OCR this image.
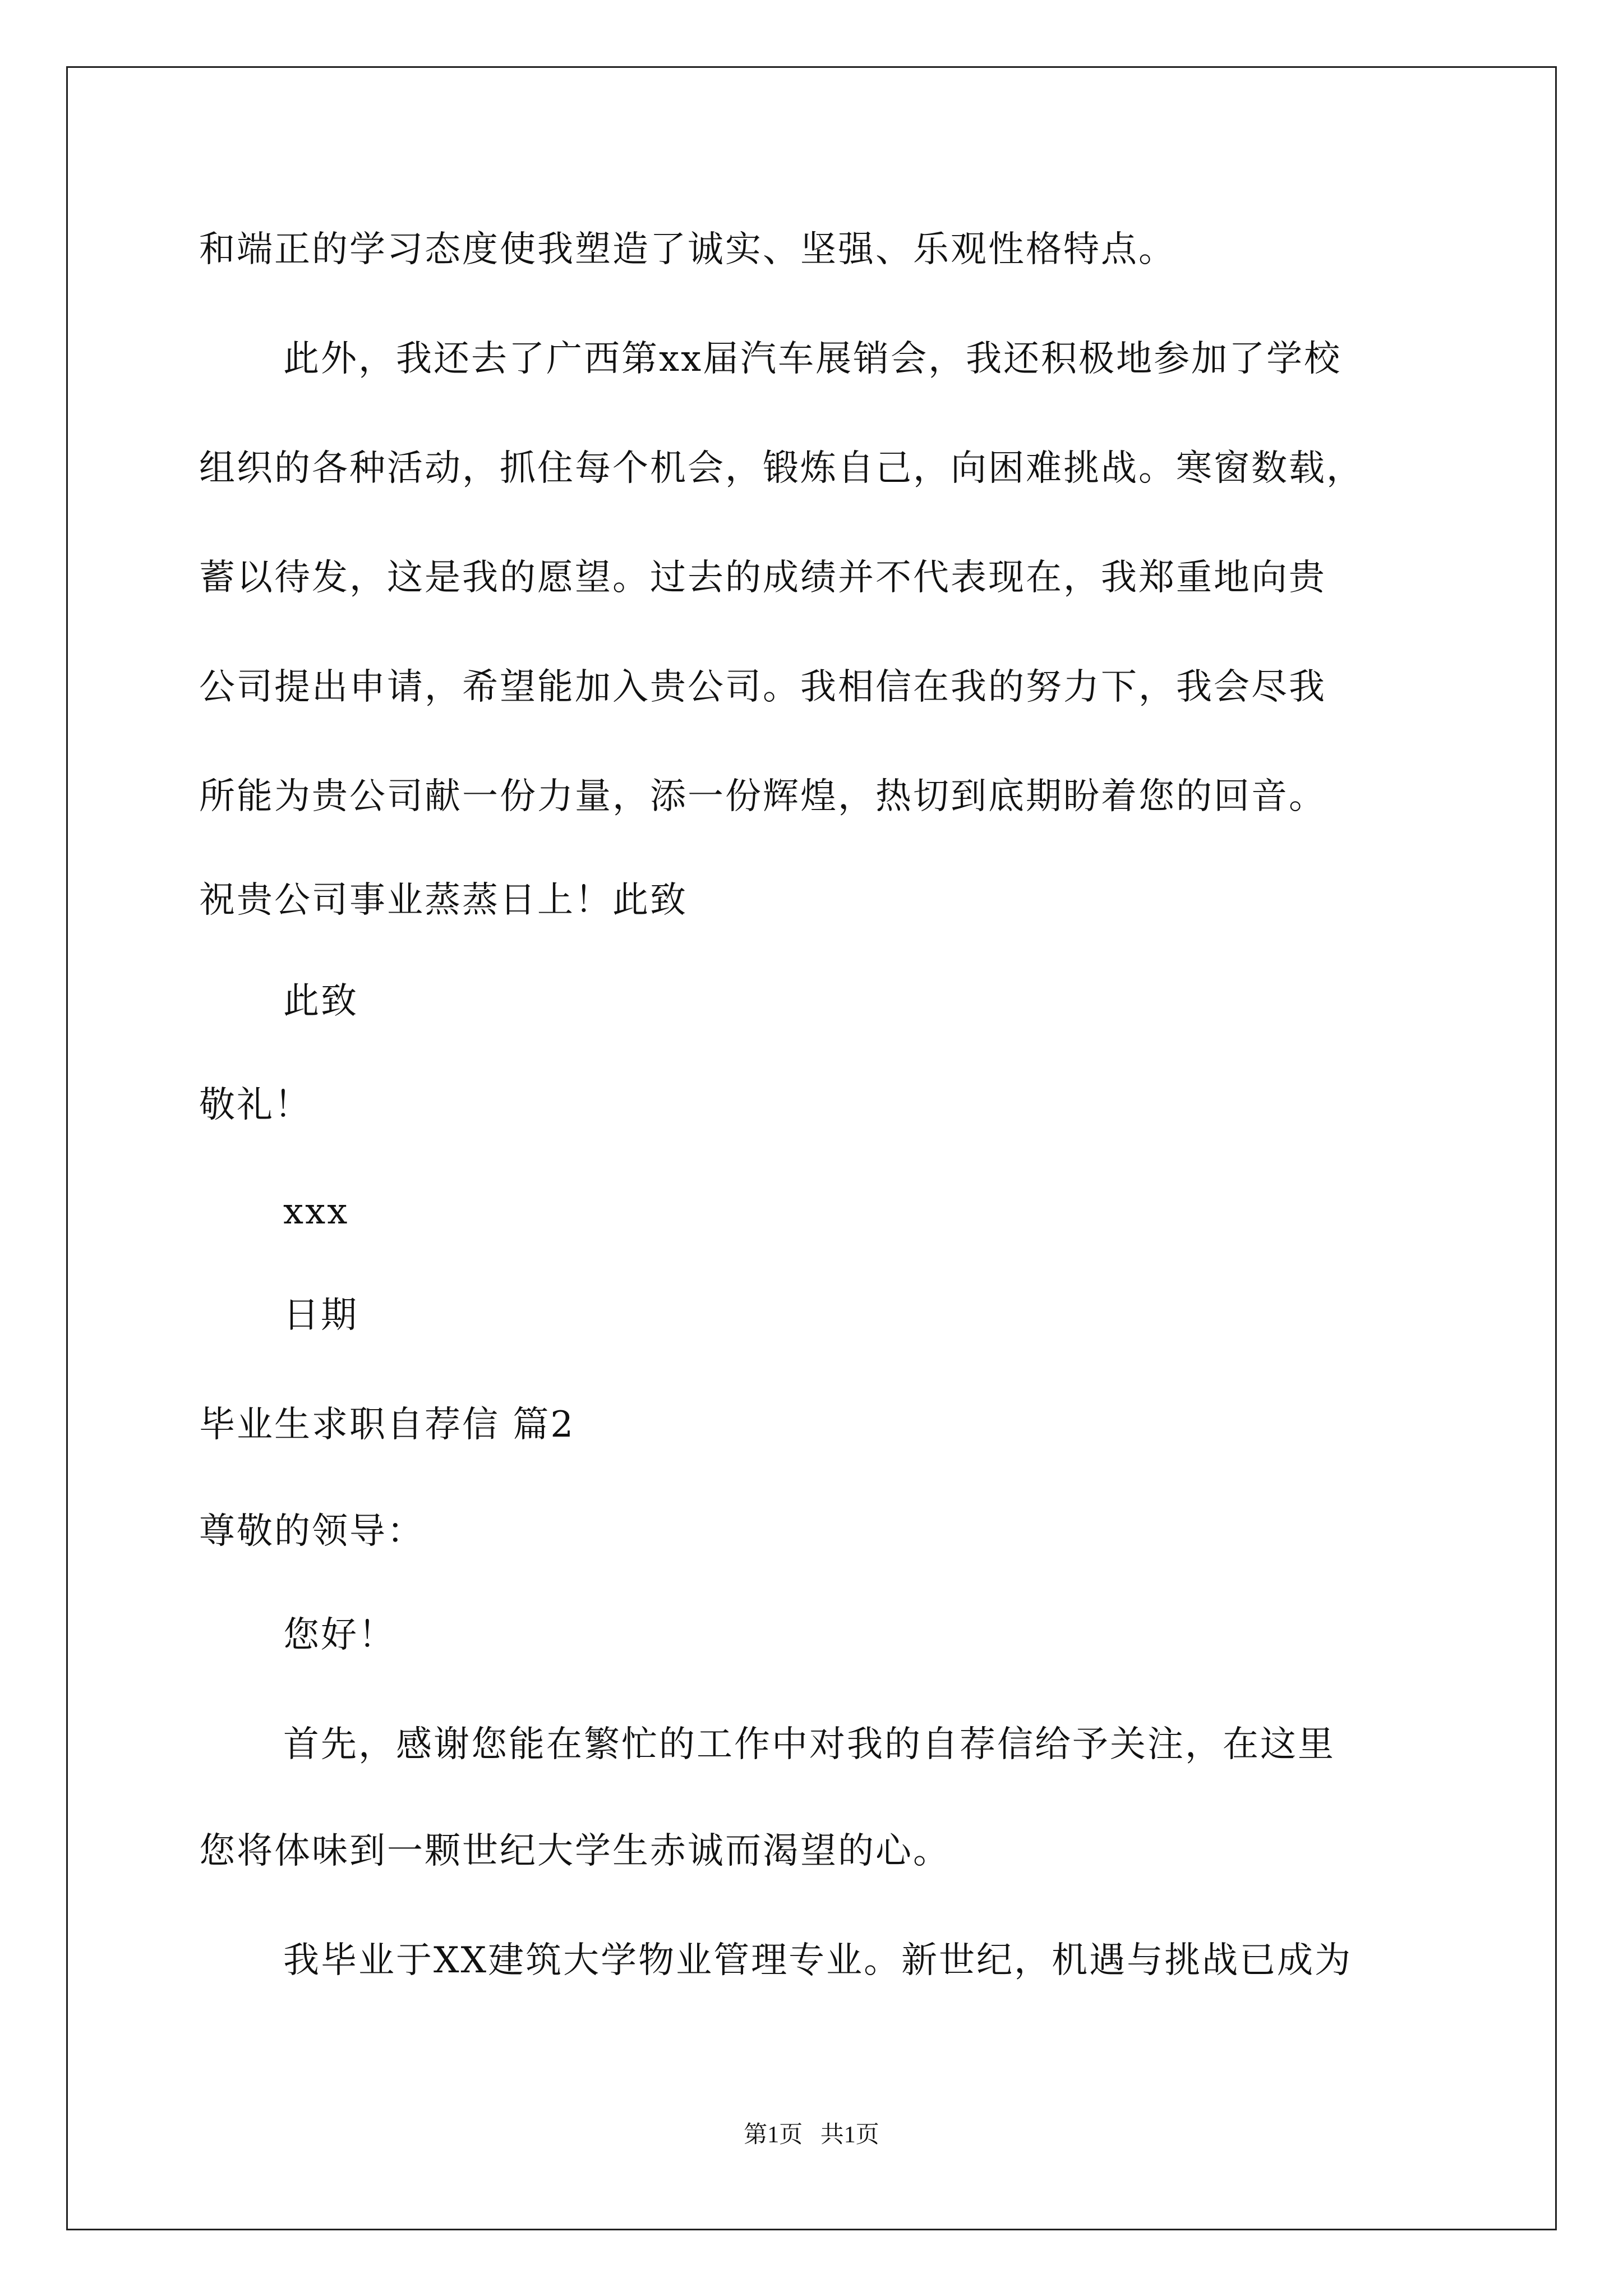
和端正的学习态度使我塑造了诚实、坚强、乐观性格特点。

此外，我还去了广西第xx届汽车展销会，我还积极地参加了学校

组织的各种活动，抓住每个机会，锻炼自己，向困难挑战。寒窗数载，

蓄以待发，这是我的愿望。过去的成绩并不代表现在，我郑重地向贵

公司提出申请，希望能加入贵公司。我相信在我的努力下，我会尽我

所能为贵公司献一份力量，添一份辉煌，热切到底期盼着您的回音。

祝贵公司事业蒸蒸日上！此致

此致

敬礼！

xxx

日期

毕业生求职自荐信 篇2

尊敬的领导：

您好！

首先，感谢您能在繁忙的工作中对我的自荐信给予关注，在这里

您将体味到一颗世纪大学生赤诚而渴望的心。

我毕业于XX建筑大学物业管理专业。新世纪，机遇与挑战已成为

第1页   共1页
